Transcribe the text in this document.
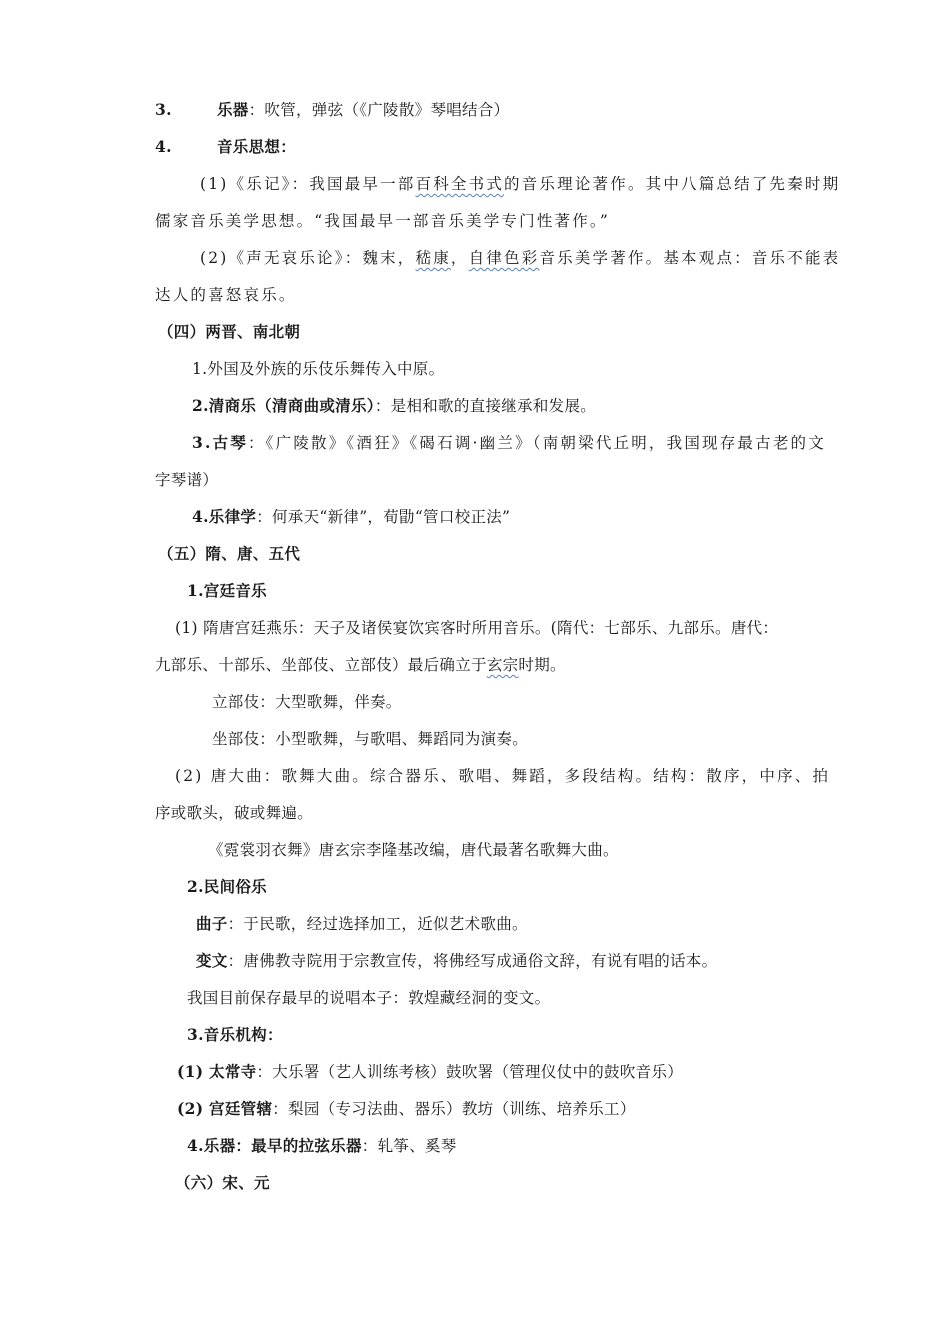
3.	乐器：吹管，弹弦（《广陵散》琴唱结合）
4.	音乐思想：
(1)《乐记》：我国最早一部百科全书式的音乐理论著作。其中八篇总结了先秦时期
儒家音乐美学思想。“我国最早一部音乐美学专门性著作。”
(2)《声无哀乐论》：魏末，嵇康，自律色彩音乐美学著作。基本观点：音乐不能表
达人的喜怒哀乐。
（四）两晋、南北朝
1.外国及外族的乐伎乐舞传入中原。
2.清商乐（清商曲或清乐）：是相和歌的直接继承和发展。
3.古琴：《广陵散》《酒狂》《碣石调·幽兰》（南朝梁代丘明，我国现存最古老的文
字琴谱）
4.乐律学：何承天“新律”，荀勖“管口校正法”
（五）隋、唐、五代
1.宫廷音乐
(1) 隋唐宫廷燕乐：天子及诸侯宴饮宾客时所用音乐。(隋代：七部乐、九部乐。唐代：
九部乐、十部乐、坐部伎、立部伎）最后确立于玄宗时期。
立部伎：大型歌舞，伴奏。
坐部伎：小型歌舞，与歌唱、舞蹈同为演奏。
(2) 唐大曲：歌舞大曲。综合器乐、歌唱、舞蹈，多段结构。结构：散序，中序、拍
序或歌头，破或舞遍。
《霓裳羽衣舞》唐玄宗李隆基改编，唐代最著名歌舞大曲。
2.民间俗乐
曲子：于民歌，经过选择加工，近似艺术歌曲。
变文：唐佛教寺院用于宗教宣传，将佛经写成通俗文辞，有说有唱的话本。
我国目前保存最早的说唱本子：敦煌藏经洞的变文。
3.音乐机构：
(1) 太常寺：大乐署（艺人训练考核）鼓吹署（管理仪仗中的鼓吹音乐）
(2) 宫廷管辖：梨园（专习法曲、器乐）教坊（训练、培养乐工）
4.乐器：最早的拉弦乐器：轧筝、奚琴
（六）宋、元
